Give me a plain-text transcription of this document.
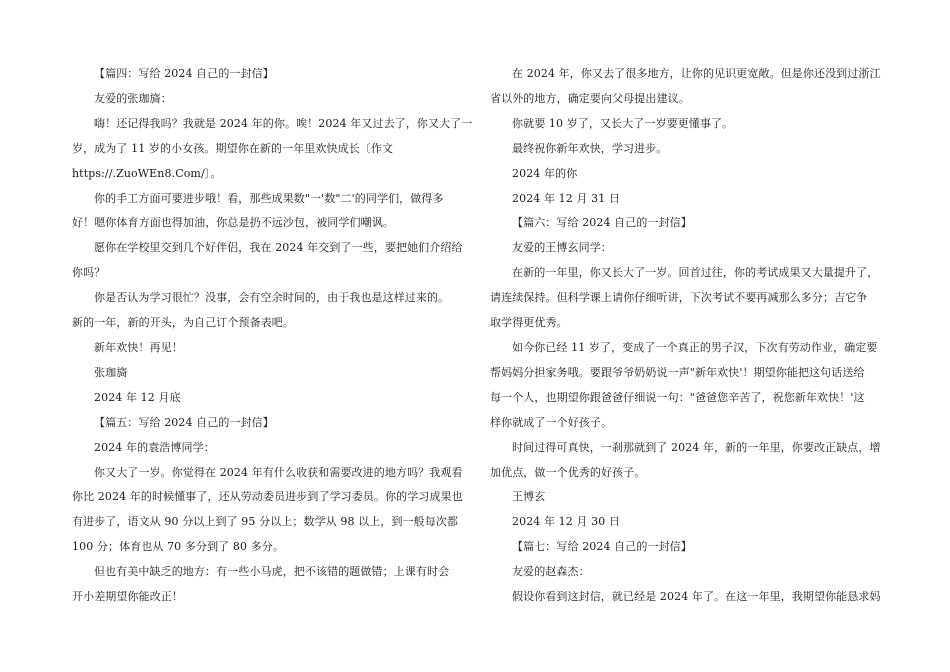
【篇四：写给 2024 自己的一封信】

友爱的张珈旖：

嗨！还记得我吗？我就是 2024 年的你。唉！2024 年又过去了，你又大了一

岁，成为了 11 岁的小女孩。期望你在新的一年里欢快成长〔作文

https://.ZuoWEn8.Com/〕。

你的手工方面可要进步哦！看，那些成果数"一'数"二'的同学们，做得多

好！嗯你体育方面也得加油，你总是扔不远沙包，被同学们嘲讽。

愿你在学校里交到几个好伴侣，我在 2024 年交到了一些，要把她们介绍给

你吗？

你是否认为学习很忙？没事，会有空余时间的，由于我也是这样过来的。

新的一年，新的开头，为自己订个预备表吧。

新年欢快！再见！

张珈旖

2024 年 12 月底

【篇五：写给 2024 自己的一封信】

2024 年的袁浩博同学：

你又大了一岁。你觉得在 2024 年有什么收获和需要改进的地方吗？我观看

你比 2024 年的时候懂事了，还从劳动委员进步到了学习委员。你的学习成果也

有进步了，语文从 90 分以上到了 95 分以上；数学从 98 以上，到一般每次都

100 分；体育也从 70 多分到了 80 多分。

但也有美中缺乏的地方：有一些小马虎，把不该错的题做错；上课有时会

开小差期望你能改正！

在 2024 年，你又去了很多地方，让你的见识更宽敞。但是你还没到过浙江

省以外的地方，确定要向父母提出建议。

你就要 10 岁了，又长大了一岁要更懂事了。

最终祝你新年欢快，学习进步。

2024 年的你

2024 年 12 月 31 日

【篇六：写给 2024 自己的一封信】

友爱的王博玄同学：

在新的一年里，你又长大了一岁。回首过往，你的考试成果又大量提升了，

请连续保持。但科学课上请你仔细听讲，下次考试不要再减那么多分；吉它争

取学得更优秀。

如今你已经 11 岁了，变成了一个真正的男子汉，下次有劳动作业，确定要

帮妈妈分担家务哦。要跟爷爷奶奶说一声"新年欢快'！期望你能把这句话送给

每一个人，也期望你跟爸爸仔细说一句："爸爸您辛苦了，祝您新年欢快！'这

样你就成了一个好孩子。

时间过得可真快，一刹那就到了 2024 年，新的一年里，你要改正缺点，增

加优点，做一个优秀的好孩子。

王博玄

2024 年 12 月 30 日

【篇七：写给 2024 自己的一封信】

友爱的赵森杰：

假设你看到这封信，就已经是 2024 年了。在这一年里，我期望你能恳求妈
